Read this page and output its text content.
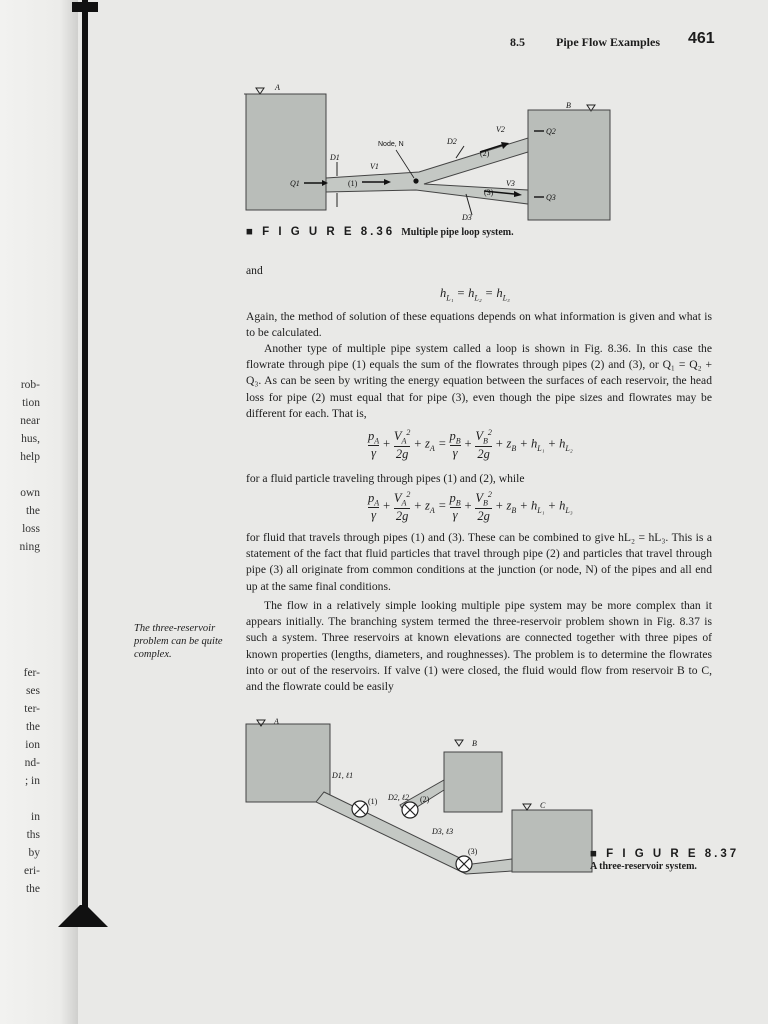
rob-
tion
near
hus,
help

own
the
loss
ning

fer-
ses
ter-
the
ion
nd-
; in

in
ths
by
eri-
the
8.5	Pipe Flow Examples 461
A
B
Node, N
D1
D2
D3
V1
V2
V3
Q1
Q2
Q3
(1)
(2)
(3)
■ F I G U R E 8.36 Multiple pipe loop system.
and
$h_{L_1} = h_{L_2} = h_{L_3}$
Again, the method of solution of these equations depends on what information is given and what is to be calculated.
Another type of multiple pipe system called a loop is shown in Fig. 8.36. In this case the flowrate through pipe (1) equals the sum of the flowrates through pipes (2) and (3), or Q₁ = Q₂ + Q₃. As can be seen by writing the energy equation between the surfaces of each reservoir, the head loss for pipe (2) must equal that for pipe (3), even though the pipe sizes and flowrates may be different for each. That is,
$p_A$

γ
+ $V_A^2$

2g
+ $z_A = p_B$

γ
+ $V_B^2$

2g
+ $z_B + h_{L_1} + h_{L_2}$
for a fluid particle traveling through pipes (1) and (2), while
$p_A$

γ
+ $V_A^2$

2g
+ $z_A = p_B$

γ
+ $V_B^2$

2g
+ $z_B + h_{L_1} + h_{L_3}$
for fluid that travels through pipes (1) and (3). These can be combined to give hL₂ = hL₃. This is a statement of the fact that fluid particles that travel through pipe (2) and particles that travel through pipe (3) all originate from common conditions at the junction (or node, N) of the pipes and all end up at the same final conditions.
The flow in a relatively simple looking multiple pipe system may be more complex than it appears initially. The branching system termed the three-reservoir problem shown in Fig. 8.37 is such a system. Three reservoirs at known elevations are connected together with three pipes of known properties (lengths, diameters, and roughnesses). The problem is to determine the flowrates into or out of the reservoirs. If valve (1) were closed, the fluid would flow from reservoir B to C, and the flowrate could be easily
The three-reservoir problem can be quite complex.
A
B
C
D1, ℓ1
D2, ℓ2
D3, ℓ3
(1)	(2)
(3)	■ F I G U R E 8.37
A three-reservoir system.
